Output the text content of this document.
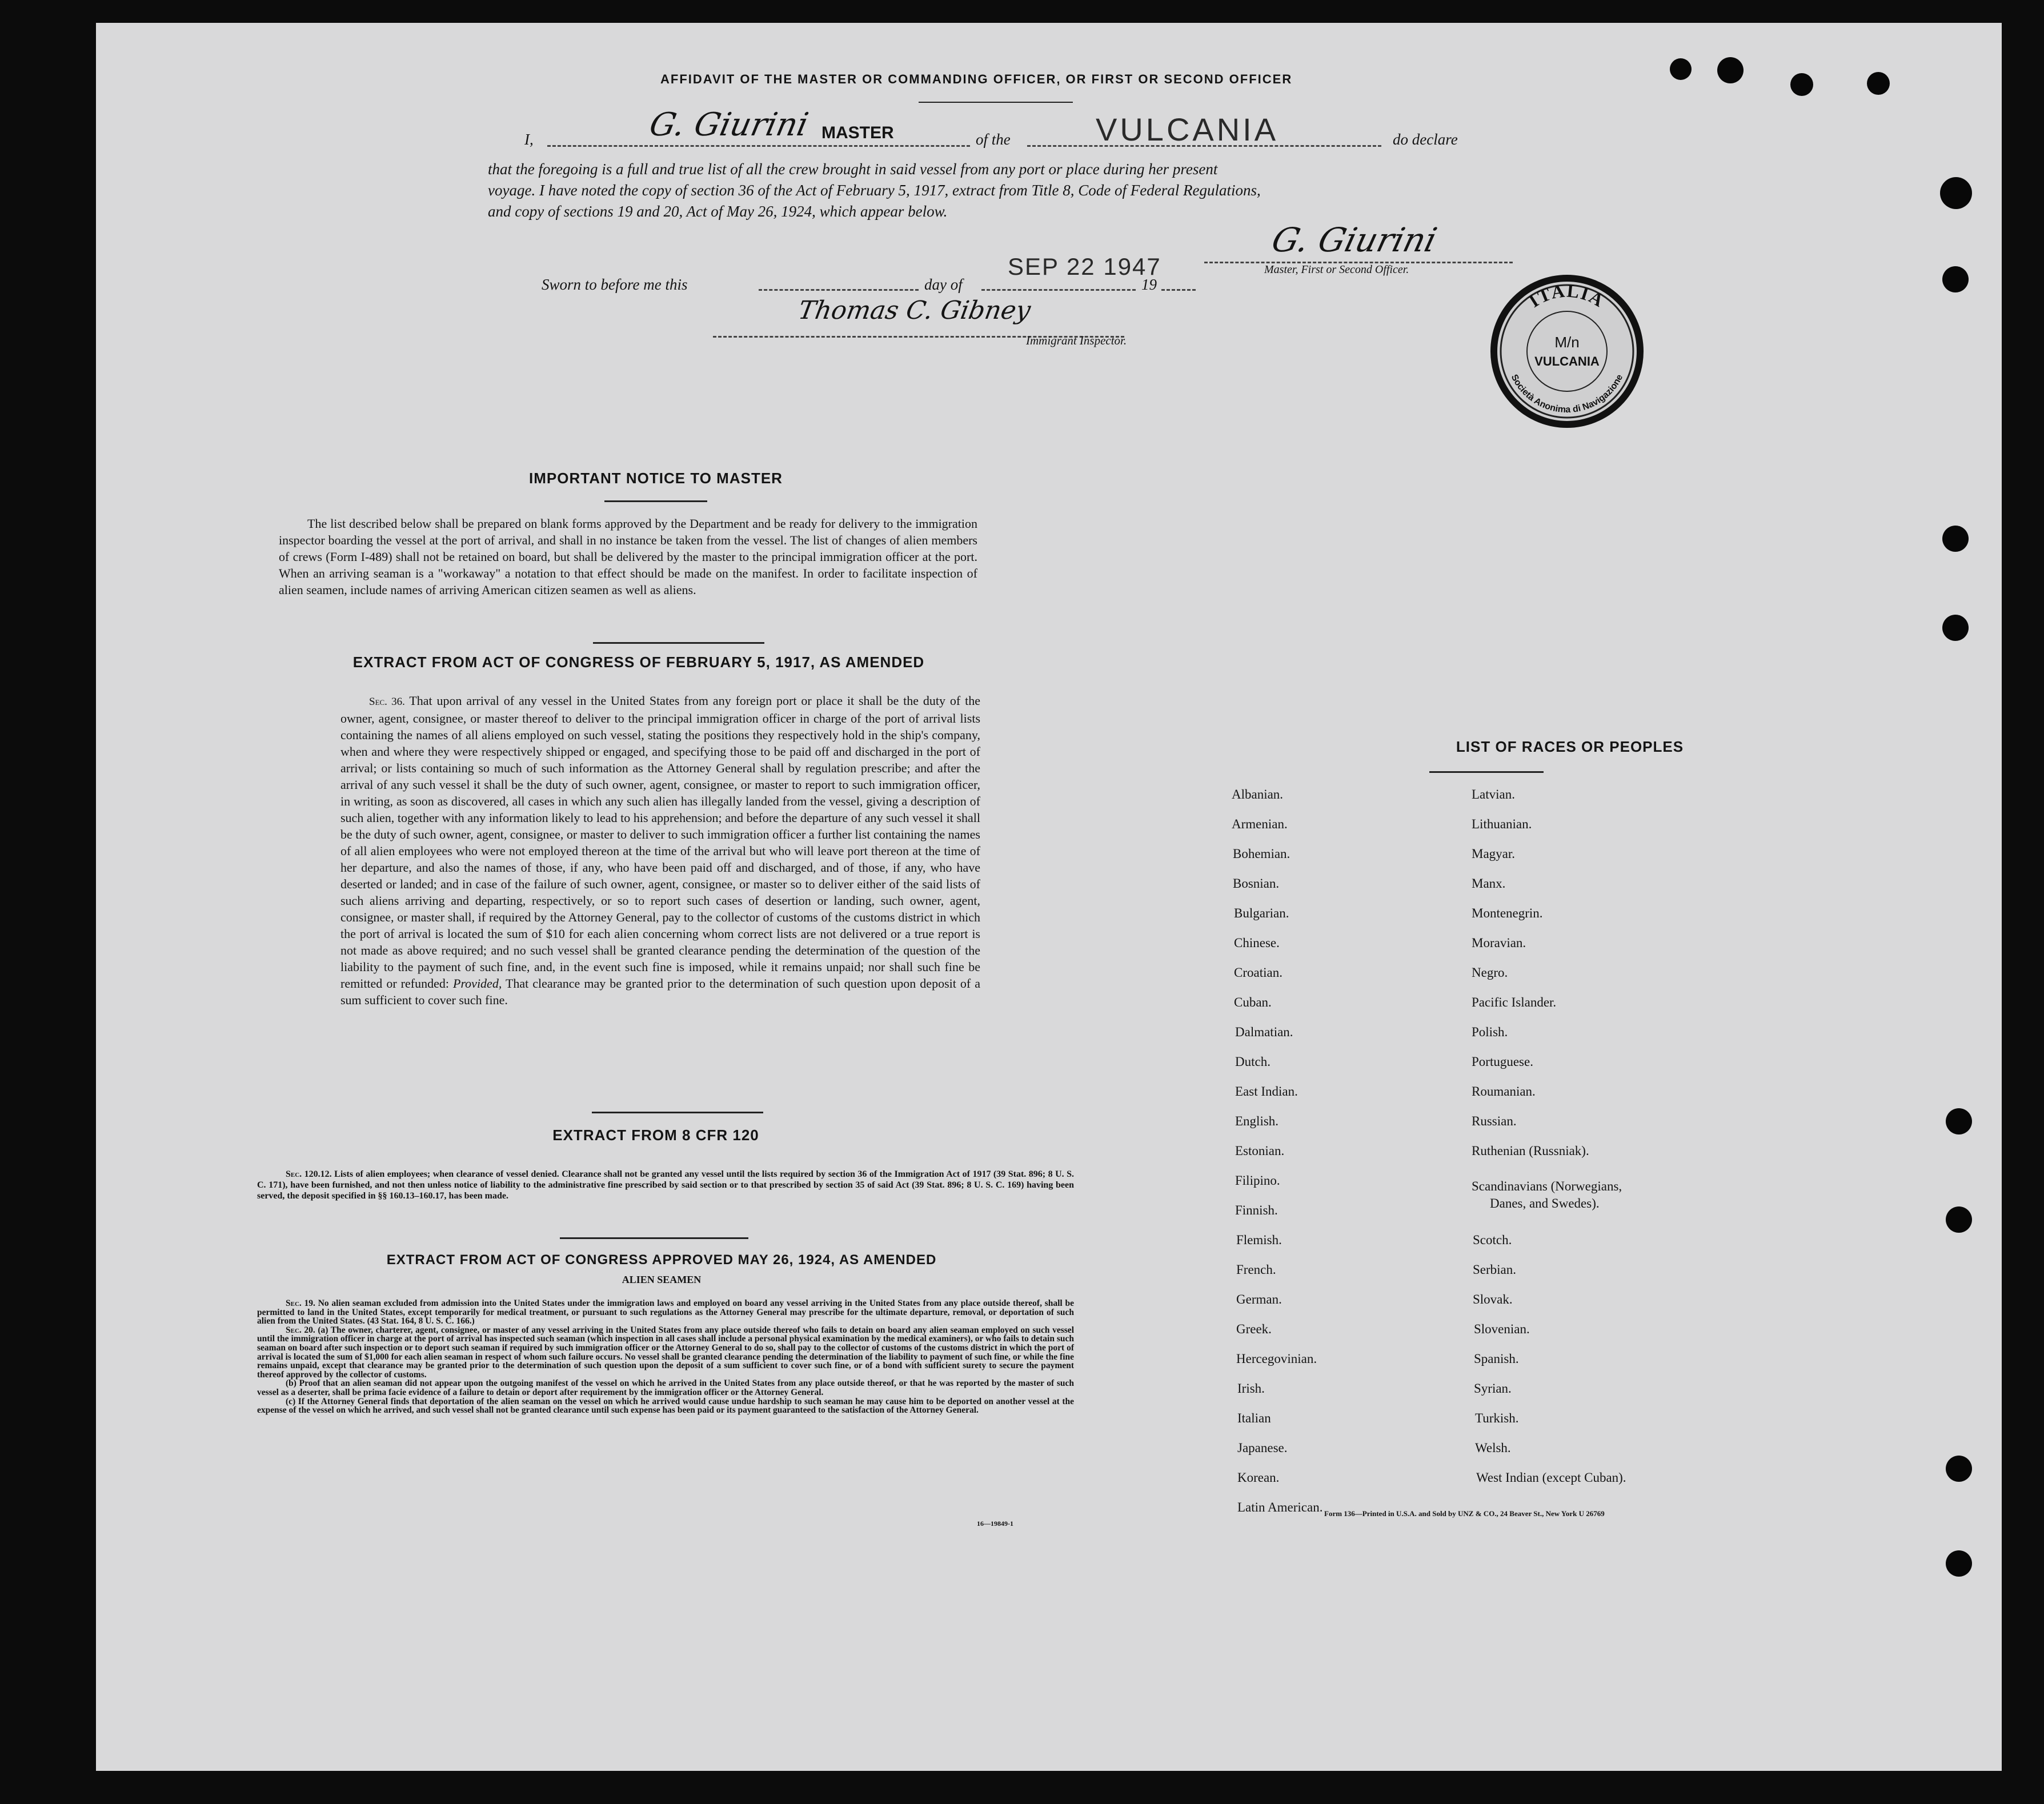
AFFIDAVIT OF THE MASTER OR COMMANDING OFFICER, OR FIRST OR SECOND OFFICER
I,	G. Giurini MASTER	of the	VULCANIA	do declare
that the foregoing is a full and true list of all the crew brought in said vessel from any port or place during her present
voyage. I have noted the copy of section 36 of the Act of February 5, 1917, extract from Title 8, Code of Federal Regulations,
and copy of sections 19 and 20, Act of May 26, 1924, which appear below.
Sworn to before me this	day of
SEP 22 1947
19
G. Giurini
Master, First or Second Officer.
Thomas C. Gibney
Immigrant Inspector.
ITALIA
Società Anonima di Navigazione
M/n
VULCANIA
IMPORTANT NOTICE TO MASTER
The list described below shall be prepared on blank forms approved by the Department and be ready for delivery to the immigration inspector boarding the vessel at the port of arrival, and shall in no instance be taken from the vessel. The list of changes of alien members of crews (Form I-489) shall not be retained on board, but shall be delivered by the master to the principal immigration officer at the port. When an arriving seaman is a "workaway" a notation to that effect should be made on the manifest. In order to facilitate inspection of alien seamen, include names of arriving American citizen seamen as well as aliens.
EXTRACT FROM ACT OF CONGRESS OF FEBRUARY 5, 1917, AS AMENDED
Sec. 36. That upon arrival of any vessel in the United States from any foreign port or place it shall be the duty of the owner, agent, consignee, or master thereof to deliver to the principal immigration officer in charge of the port of arrival lists containing the names of all aliens employed on such vessel, stating the positions they respectively hold in the ship's company, when and where they were respectively shipped or engaged, and specifying those to be paid off and discharged in the port of arrival; or lists containing so much of such information as the Attorney General shall by regulation prescribe; and after the arrival of any such vessel it shall be the duty of such owner, agent, consignee, or master to report to such immigration officer, in writing, as soon as discovered, all cases in which any such alien has illegally landed from the vessel, giving a description of such alien, together with any information likely to lead to his apprehension; and before the departure of any such vessel it shall be the duty of such owner, agent, consignee, or master to deliver to such immigration officer a further list containing the names of all alien employees who were not employed thereon at the time of the arrival but who will leave port thereon at the time of her departure, and also the names of those, if any, who have been paid off and discharged, and of those, if any, who have deserted or landed; and in case of the failure of such owner, agent, consignee, or master so to deliver either of the said lists of such aliens arriving and departing, respectively, or so to report such cases of desertion or landing, such owner, agent, consignee, or master shall, if required by the Attorney General, pay to the collector of customs of the customs district in which the port of arrival is located the sum of $10 for each alien concerning whom correct lists are not delivered or a true report is not made as above required; and no such vessel shall be granted clearance pending the determination of the question of the liability to the payment of such fine, and, in the event such fine is imposed, while it remains unpaid; nor shall such fine be remitted or refunded: Provided, That clearance may be granted prior to the determination of such question upon deposit of a sum sufficient to cover such fine.
EXTRACT FROM 8 CFR 120
Sec. 120.12. Lists of alien employees; when clearance of vessel denied. Clearance shall not be granted any vessel until the lists required by section 36 of the Immigration Act of 1917 (39 Stat. 896; 8 U. S. C. 171), have been furnished, and not then unless notice of liability to the administrative fine prescribed by said section or to that prescribed by section 35 of said Act (39 Stat. 896; 8 U. S. C. 169) having been served, the deposit specified in §§ 160.13–160.17, has been made.
EXTRACT FROM ACT OF CONGRESS APPROVED MAY 26, 1924, AS AMENDED
ALIEN SEAMEN
Sec. 19. No alien seaman excluded from admission into the United States under the immigration laws and employed on board any vessel arriving in the United States from any place outside thereof, shall be permitted to land in the United States, except temporarily for medical treatment, or pursuant to such regulations as the Attorney General may prescribe for the ultimate departure, removal, or deportation of such alien from the United States. (43 Stat. 164, 8 U. S. C. 166.)
Sec. 20. (a) The owner, charterer, agent, consignee, or master of any vessel arriving in the United States from any place outside thereof who fails to detain on board any alien seaman employed on such vessel until the immigration officer in charge at the port of arrival has inspected such seaman (which inspection in all cases shall include a personal physical examination by the medical examiners), or who fails to detain such seaman on board after such inspection or to deport such seaman if required by such immigration officer or the Attorney General to do so, shall pay to the collector of customs of the customs district in which the port of arrival is located the sum of $1,000 for each alien seaman in respect of whom such failure occurs. No vessel shall be granted clearance pending the determination of the liability to payment of such fine, or while the fine remains unpaid, except that clearance may be granted prior to the determination of such question upon the deposit of a sum sufficient to cover such fine, or of a bond with sufficient surety to secure the payment thereof approved by the collector of customs.
(b) Proof that an alien seaman did not appear upon the outgoing manifest of the vessel on which he arrived in the United States from any place outside thereof, or that he was reported by the master of such vessel as a deserter, shall be prima facie evidence of a failure to detain or deport after requirement by the immigration officer or the Attorney General.
(c) If the Attorney General finds that deportation of the alien seaman on the vessel on which he arrived would cause undue hardship to such seaman he may cause him to be deported on another vessel at the expense of the vessel on which he arrived, and such vessel shall not be granted clearance until such expense has been paid or its payment guaranteed to the satisfaction of the Attorney General.
16—19849-1
LIST OF RACES OR PEOPLES
Albanian.
Armenian.
Bohemian.
Bosnian.
Bulgarian.
Chinese.
Croatian.
Cuban.
Dalmatian.
Dutch.
East Indian.
English.
Estonian.
Filipino.
Finnish.
Flemish.
French.
German.
Greek.
Hercegovinian.
Irish.
Italian
Japanese.
Korean.
Latin American.
Latvian.
Lithuanian.
Magyar.
Manx.
Montenegrin.
Moravian.
Negro.
Pacific Islander.
Polish.
Portuguese.
Roumanian.
Russian.
Ruthenian (Russniak).
Scandinavians (Norwegians,
Danes, and Swedes).
Scotch.
Serbian.
Slovak.
Slovenian.
Spanish.
Syrian.
Turkish.
Welsh.
West Indian (except Cuban).
Form 136—Printed in U.S.A. and Sold by UNZ & CO., 24 Beaver St., New York U 26769
